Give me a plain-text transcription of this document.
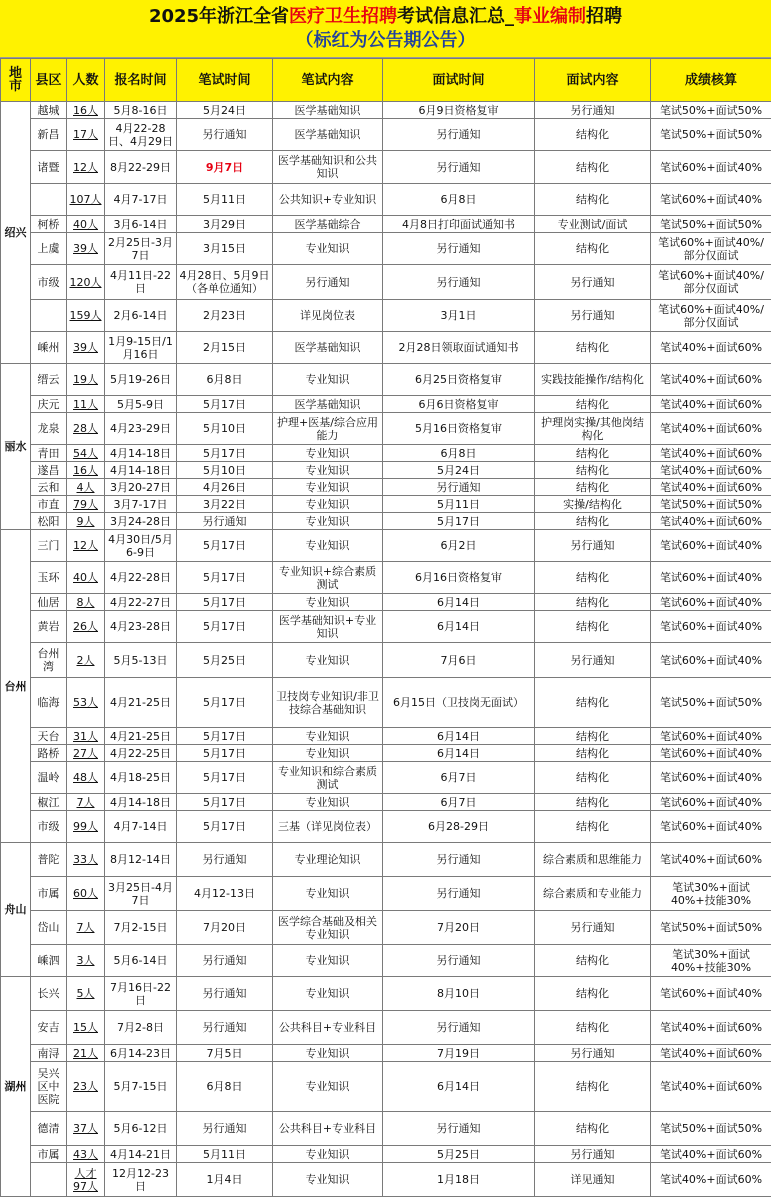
2025年浙江全省医疗卫生招聘考试信息汇总_事业编制招聘
（标红为公告期公告）
地市	县区	人数	报名时间	笔试时间	笔试内容	面试时间	面试内容	成绩核算
绍兴	越城	16人	5月8-16日	5月24日	医学基础知识	6月9日资格复审	另行通知	笔试50%+面试50%
	新昌	17人	4月22-28日、4月29日	另行通知	医学基础知识	另行通知	结构化	笔试50%+面试50%
	诸暨	12人	8月22-29日	9月7日	医学基础知识和公共知识	另行通知	结构化	笔试60%+面试40%
		107人	4月7-17日	5月11日	公共知识+专业知识	6月8日	结构化	笔试60%+面试40%
	柯桥	40人	3月6-14日	3月29日	医学基础综合	4月8日打印面试通知书	专业测试/面试	笔试50%+面试50%
	上虞	39人	2月25日-3月7日	3月15日	专业知识	另行通知	结构化	笔试60%+面试40%/部分仅面试
	市级	120人	4月11日-22日	4月28日、5月9日（各单位通知）	另行通知	另行通知	另行通知	笔试60%+面试40%/部分仅面试
		159人	2月6-14日	2月23日	详见岗位表	3月1日	另行通知	笔试60%+面试40%/部分仅面试
	嵊州	39人	1月9-15日/1月16日	2月15日	医学基础知识	2月28日领取面试通知书	结构化	笔试40%+面试60%
丽水	缙云	19人	5月19-26日	6月8日	专业知识	6月25日资格复审	实践技能操作/结构化	笔试40%+面试60%
	庆元	11人	5月5-9日	5月17日	医学基础知识	6月6日资格复审	结构化	笔试40%+面试60%
	龙泉	28人	4月23-29日	5月10日	护理+医基/综合应用能力	5月16日资格复审	护理岗实操/其他岗结构化	笔试40%+面试60%
	青田	54人	4月14-18日	5月17日	专业知识	6月8日	结构化	笔试40%+面试60%
	遂昌	16人	4月14-18日	5月10日	专业知识	5月24日	结构化	笔试40%+面试60%
	云和	4人	3月20-27日	4月26日	专业知识	另行通知	结构化	笔试40%+面试60%
	市直	79人	3月7-17日	3月22日	专业知识	5月11日	实操/结构化	笔试50%+面试50%
	松阳	9人	3月24-28日	另行通知	专业知识	5月17日	结构化	笔试40%+面试60%
台州	三门	12人	4月30日/5月6-9日	5月17日	专业知识	6月2日	另行通知	笔试60%+面试40%
	玉环	40人	4月22-28日	5月17日	专业知识+综合素质测试	6月16日资格复审	结构化	笔试60%+面试40%
	仙居	8人	4月22-27日	5月17日	专业知识	6月14日	结构化	笔试60%+面试40%
	黄岩	26人	4月23-28日	5月17日	医学基础知识+专业知识	6月14日	结构化	笔试60%+面试40%
	台州湾	2人	5月5-13日	5月25日	专业知识	7月6日	另行通知	笔试60%+面试40%
	临海	53人	4月21-25日	5月17日	卫技岗专业知识/非卫技综合基础知识	6月15日（卫技岗无面试）	结构化	笔试50%+面试50%
	天台	31人	4月21-25日	5月17日	专业知识	6月14日	结构化	笔试60%+面试40%
	路桥	27人	4月22-25日	5月17日	专业知识	6月14日	结构化	笔试60%+面试40%
	温岭	48人	4月18-25日	5月17日	专业知识和综合素质测试	6月7日	结构化	笔试60%+面试40%
	椒江	7人	4月14-18日	5月17日	专业知识	6月7日	结构化	笔试60%+面试40%
	市级	99人	4月7-14日	5月17日	三基（详见岗位表）	6月28-29日	结构化	笔试60%+面试40%
舟山	普陀	33人	8月12-14日	另行通知	专业理论知识	另行通知	综合素质和思维能力	笔试40%+面试60%
	市属	60人	3月25日-4月7日	4月12-13日	专业知识	另行通知	综合素质和专业能力	笔试30%+面试40%+技能30%
	岱山	7人	7月2-15日	7月20日	医学综合基础及相关专业知识	7月20日	另行通知	笔试50%+面试50%
	嵊泗	3人	5月6-14日	另行通知	专业知识	另行通知	结构化	笔试30%+面试40%+技能30%
湖州	长兴	5人	7月16日-22日	另行通知	专业知识	8月10日	结构化	笔试60%+面试40%
	安吉	15人	7月2-8日	另行通知	公共科目+专业科目	另行通知	结构化	笔试40%+面试60%
	南浔	21人	6月14-23日	7月5日	专业知识	7月19日	另行通知	笔试40%+面试60%
	吴兴区中医院	23人	5月7-15日	6月8日	专业知识	6月14日	结构化	笔试40%+面试60%
	德清	37人	5月6-12日	另行通知	公共科目+专业科目	另行通知	结构化	笔试50%+面试50%
	市属	43人	4月14-21日	5月11日	专业知识	5月25日	另行通知	笔试40%+面试60%
		人才97人	12月12-23日	1月4日	专业知识	1月18日	详见通知	笔试40%+面试60%
